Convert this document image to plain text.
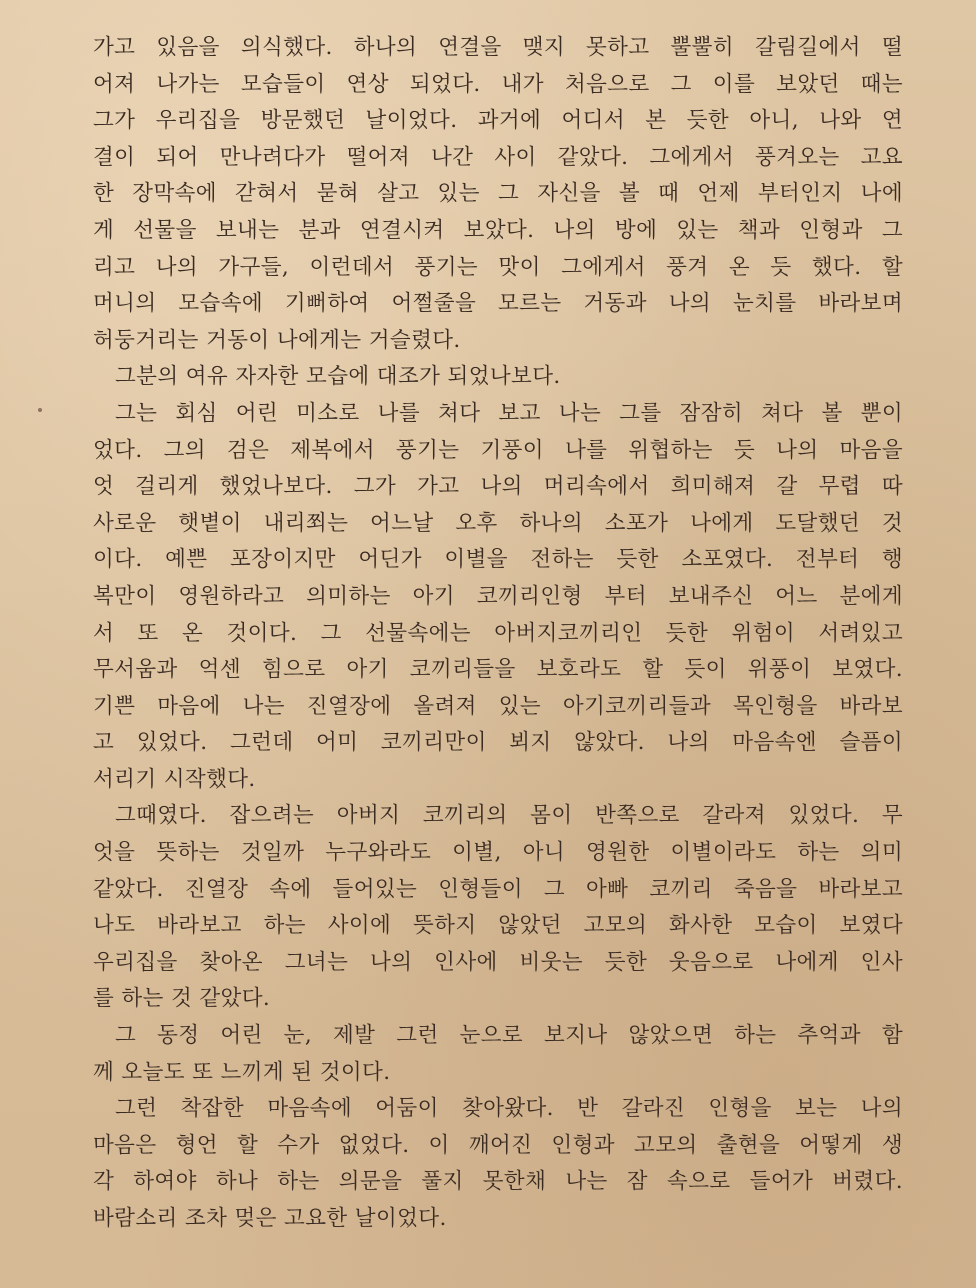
가고 있음을 의식했다. 하나의 연결을 맺지 못하고 뿔뿔히 갈림길에서 떨
어져 나가는 모습들이 연상 되었다. 내가 처음으로 그 이를 보았던 때는
그가 우리집을 방문했던 날이었다. 과거에 어디서 본 듯한 아니, 나와 연
결이 되어 만나려다가 떨어져 나간 사이 같았다. 그에게서 풍겨오는 고요
한 장막속에 갇혀서 묻혀 살고 있는 그 자신을 볼 때 언제 부터인지 나에
게 선물을 보내는 분과 연결시켜 보았다. 나의 방에 있는 책과 인형과 그
리고 나의 가구들, 이런데서 풍기는 맛이 그에게서 풍겨 온 듯 했다. 할
머니의 모습속에 기뻐하여 어쩔줄을 모르는 거동과 나의 눈치를 바라보며
허둥거리는 거동이 나에게는 거슬렸다.
그분의 여유 자자한 모습에 대조가 되었나보다.
그는 회심 어린 미소로 나를 쳐다 보고 나는 그를 잠잠히 쳐다 볼 뿐이
었다. 그의 검은 제복에서 풍기는 기풍이 나를 위협하는 듯 나의 마음을
엇 걸리게 했었나보다. 그가 가고 나의 머리속에서 희미해져 갈 무렵 따
사로운 햇볕이 내리쬐는 어느날 오후 하나의 소포가 나에게 도달했던 것
이다. 예쁜 포장이지만 어딘가 이별을 전하는 듯한 소포였다. 전부터 행
복만이 영원하라고 의미하는 아기 코끼리인형 부터 보내주신 어느 분에게
서 또 온 것이다. 그 선물속에는 아버지코끼리인 듯한 위험이 서려있고
무서움과 억센 힘으로 아기 코끼리들을 보호라도 할 듯이 위풍이 보였다.
기쁜 마음에 나는 진열장에 올려져 있는 아기코끼리들과 목인형을 바라보
고 있었다. 그런데 어미 코끼리만이 뵈지 않았다. 나의 마음속엔 슬픔이
서리기 시작했다.
그때였다. 잡으려는 아버지 코끼리의 몸이 반쪽으로 갈라져 있었다. 무
엇을 뜻하는 것일까 누구와라도 이별, 아니 영원한 이별이라도 하는 의미
같았다. 진열장 속에 들어있는 인형들이 그 아빠 코끼리 죽음을 바라보고
나도 바라보고 하는 사이에 뜻하지 않았던 고모의 화사한 모습이 보였다
우리집을 찾아온 그녀는 나의 인사에 비웃는 듯한 웃음으로 나에게 인사
를 하는 것 같았다.
그 동정 어린 눈, 제발 그런 눈으로 보지나 않았으면 하는 추억과 함
께 오늘도 또 느끼게 된 것이다.
그런 착잡한 마음속에 어둠이 찾아왔다. 반 갈라진 인형을 보는 나의
마음은 형언 할 수가 없었다. 이 깨어진 인형과 고모의 출현을 어떻게 생
각 하여야 하나 하는 의문을 풀지 못한채 나는 잠 속으로 들어가 버렸다.
바람소리 조차 멎은 고요한 날이었다.
